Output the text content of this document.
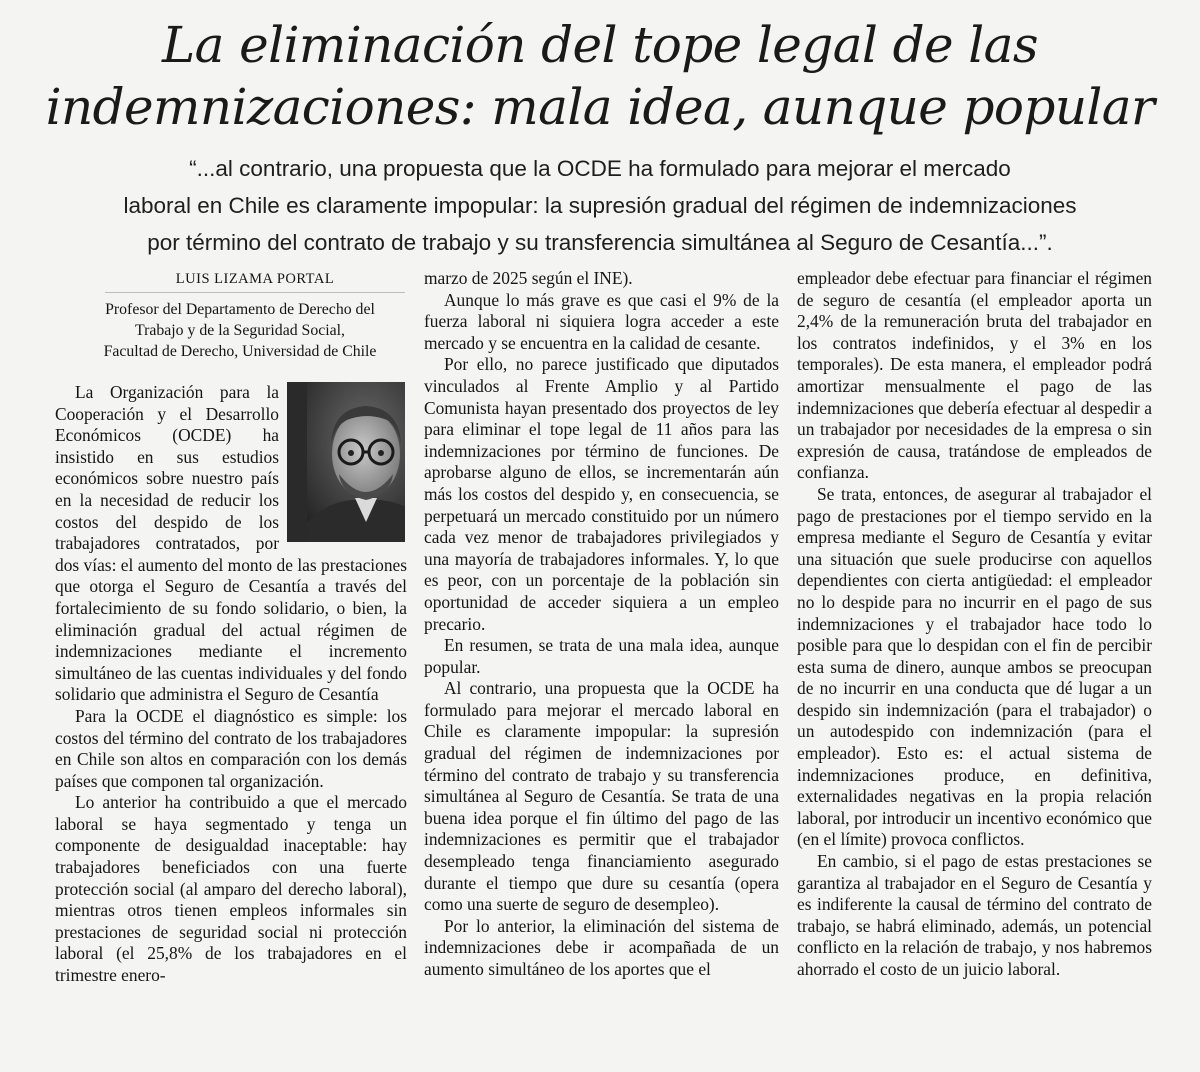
La eliminación del tope legal de las
indemnizaciones: mala idea, aunque popular

“...al contrario, una propuesta que la OCDE ha formulado para mejorar el mercado
laboral en Chile es claramente impopular: la supresión gradual del régimen de indemnizaciones
por término del contrato de trabajo y su transferencia simultánea al Seguro de Cesantía...”.

LUIS LIZAMA PORTAL
Profesor del Departamento de Derecho del
Trabajo y de la Seguridad Social,
Facultad de Derecho, Universidad de Chile

La Organización para la Cooperación y el Desarrollo Económicos (OCDE) ha insistido en sus estudios económicos sobre nuestro país en la necesidad de reducir los costos del despido de los trabajadores contratados, por dos vías: el aumento del monto de las prestaciones que otorga el Seguro de Cesantía a través del fortalecimiento de su fondo solidario, o bien, la eliminación gradual del actual régimen de indemnizaciones mediante el incremento simultáneo de las cuentas individuales y del fondo solidario que administra el Seguro de Cesantía

Para la OCDE el diagnóstico es simple: los costos del término del contrato de los trabajadores en Chile son altos en comparación con los demás países que componen tal organización.

Lo anterior ha contribuido a que el mercado laboral se haya segmentado y tenga un componente de desigualdad inaceptable: hay trabajadores beneficiados con una fuerte protección social (al amparo del derecho laboral), mientras otros tienen empleos informales sin prestaciones de seguridad social ni protección laboral (el 25,8% de los trabajadores en el trimestre enero-

marzo de 2025 según el INE).

Aunque lo más grave es que casi el 9% de la fuerza laboral ni siquiera logra acceder a este mercado y se encuentra en la calidad de cesante.

Por ello, no parece justificado que diputados vinculados al Frente Amplio y al Partido Comunista hayan presentado dos proyectos de ley para eliminar el tope legal de 11 años para las indemnizaciones por término de funciones. De aprobarse alguno de ellos, se incrementarán aún más los costos del despido y, en consecuencia, se perpetuará un mercado constituido por un número cada vez menor de trabajadores privilegiados y una mayoría de trabajadores informales. Y, lo que es peor, con un porcentaje de la población sin oportunidad de acceder siquiera a un empleo precario.

En resumen, se trata de una mala idea, aunque popular.

Al contrario, una propuesta que la OCDE ha formulado para mejorar el mercado laboral en Chile es claramente impopular: la supresión gradual del régimen de indemnizaciones por término del contrato de trabajo y su transferencia simultánea al Seguro de Cesantía. Se trata de una buena idea porque el fin último del pago de las indemnizaciones es permitir que el trabajador desempleado tenga financiamiento asegurado durante el tiempo que dure su cesantía (opera como una suerte de seguro de desempleo).

Por lo anterior, la eliminación del sistema de indemnizaciones debe ir acompañada de un aumento simultáneo de los aportes que el

empleador debe efectuar para financiar el régimen de seguro de cesantía (el empleador aporta un 2,4% de la remuneración bruta del trabajador en los contratos indefinidos, y el 3% en los temporales). De esta manera, el empleador podrá amortizar mensualmente el pago de las indemnizaciones que debería efectuar al despedir a un trabajador por necesidades de la empresa o sin expresión de causa, tratándose de empleados de confianza.

Se trata, entonces, de asegurar al trabajador el pago de prestaciones por el tiempo servido en la empresa mediante el Seguro de Cesantía y evitar una situación que suele producirse con aquellos dependientes con cierta antigüedad: el empleador no lo despide para no incurrir en el pago de sus indemnizaciones y el trabajador hace todo lo posible para que lo despidan con el fin de percibir esta suma de dinero, aunque ambos se preocupan de no incurrir en una conducta que dé lugar a un despido sin indemnización (para el trabajador) o un autodespido con indemnización (para el empleador). Esto es: el actual sistema de indemnizaciones produce, en definitiva, externalidades negativas en la propia relación laboral, por introducir un incentivo económico que (en el límite) provoca conflictos.

En cambio, si el pago de estas prestaciones se garantiza al trabajador en el Seguro de Cesantía y es indiferente la causal de término del contrato de trabajo, se habrá eliminado, además, un potencial conflicto en la relación de trabajo, y nos habremos ahorrado el costo de un juicio laboral.
